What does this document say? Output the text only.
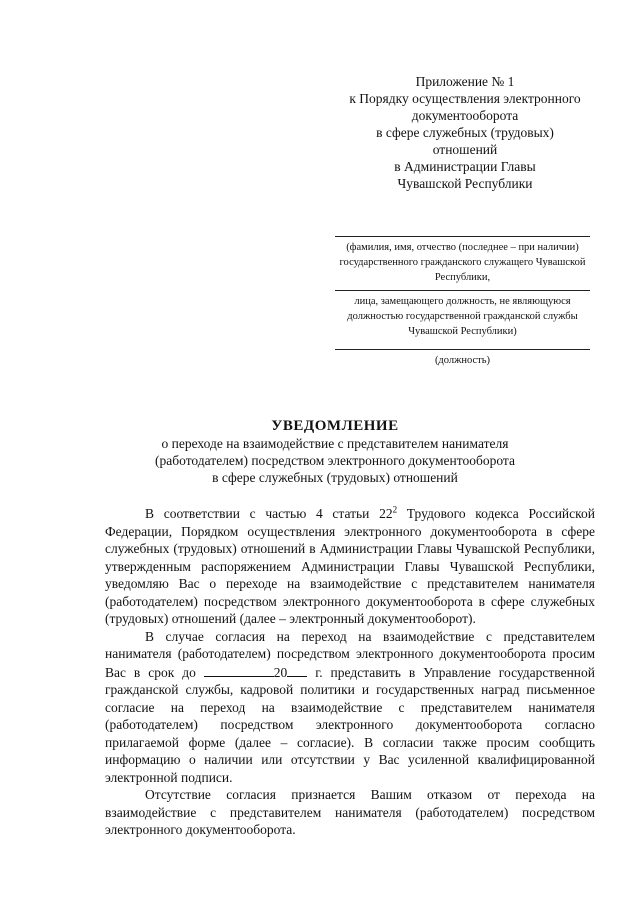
Приложение № 1
к Порядку осуществления электронного
документооборота
в сфере служебных (трудовых)
отношений
в Администрации Главы
Чувашской Республики
(фамилия, имя, отчество (последнее – при наличии) государственного гражданского служащего Чувашской Республики,
лица, замещающего должность, не являющуюся должностью государственной гражданской службы Чувашской Республики)
(должность)
УВЕДОМЛЕНИЕ
о переходе на взаимодействие с представителем нанимателя
(работодателем) посредством электронного документооборота
в сфере служебных (трудовых) отношений

В соответствии с частью 4 статьи $22^2$ Трудового кодекса Российской Федерации, Порядком осуществления электронного документооборота в сфере служебных (трудовых) отношений в Администрации Главы Чувашской Республики, утвержденным распоряжением Администрации Главы Чувашской Республики, уведомляю Вас о переходе на взаимодействие с представителем нанимателя (работодателем) посредством электронного документооборота в сфере служебных (трудовых) отношений (далее – электронный документооборот).

В случае согласия на переход на взаимодействие с представителем нанимателя (работодателем) посредством электронного документооборота просим Вас в срок до	20 г. представить в Управление государственной гражданской службы, кадровой политики и государственных наград письменное согласие на переход на взаимодействие с представителем нанимателя (работодателем) посредством электронного документооборота согласно прилагаемой форме (далее – согласие). В согласии также просим сообщить информацию о наличии или отсутствии у Вас усиленной квалифицированной электронной подписи.

Отсутствие согласия признается Вашим отказом от перехода на взаимодействие с представителем нанимателя (работодателем) посредством электронного документооборота.
